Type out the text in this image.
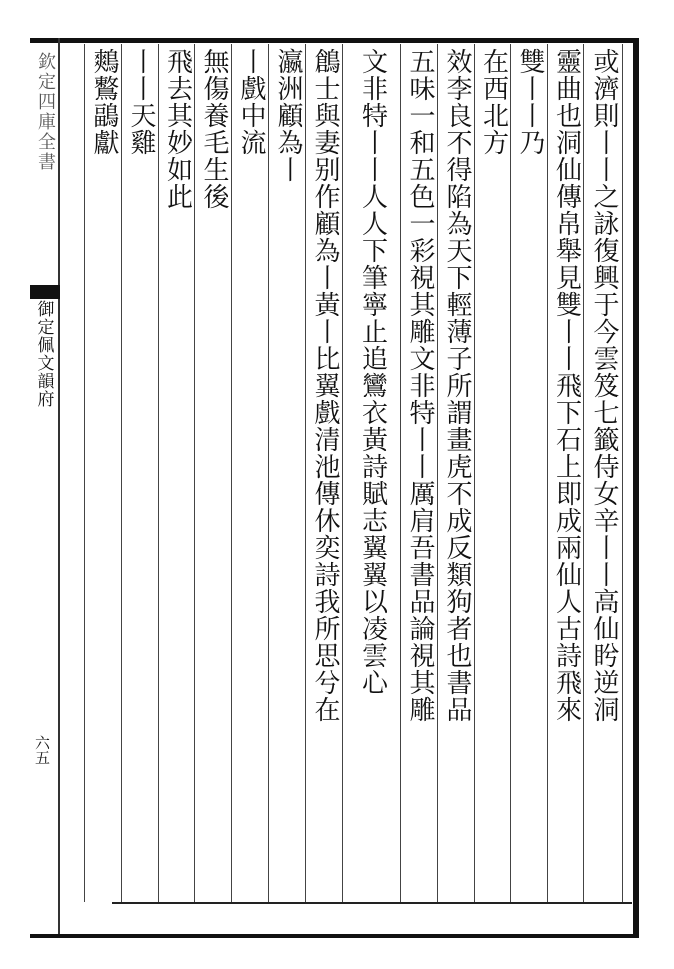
欽定四庫全書
御定佩文韻府
六五
或濟則丨丨之詠復興于今雲笈七籤侍女辛丨丨高仙盻逆洞
靈曲也洞仙傳帛舉見雙丨丨飛下石上即成兩仙人古詩飛來
雙丨丨乃
在西北方
效李良不得陷為天下輕薄子所謂畫虎不成反類狗者也書品
五味一和五色一彩視其雕文非特丨丨厲肩吾書品論視其雕
文非特丨丨人人下筆寧止追鸞衣黃詩賦志翼翼以凌雲心
鶬士與妻别作顧為丨黃丨比翼戲清池傳休奕詩我所思兮在
瀛洲顧為丨
丨戲中流
無傷養毛生後
飛去其妙如此
丨丨天雞
鷞鷘鶝獻
